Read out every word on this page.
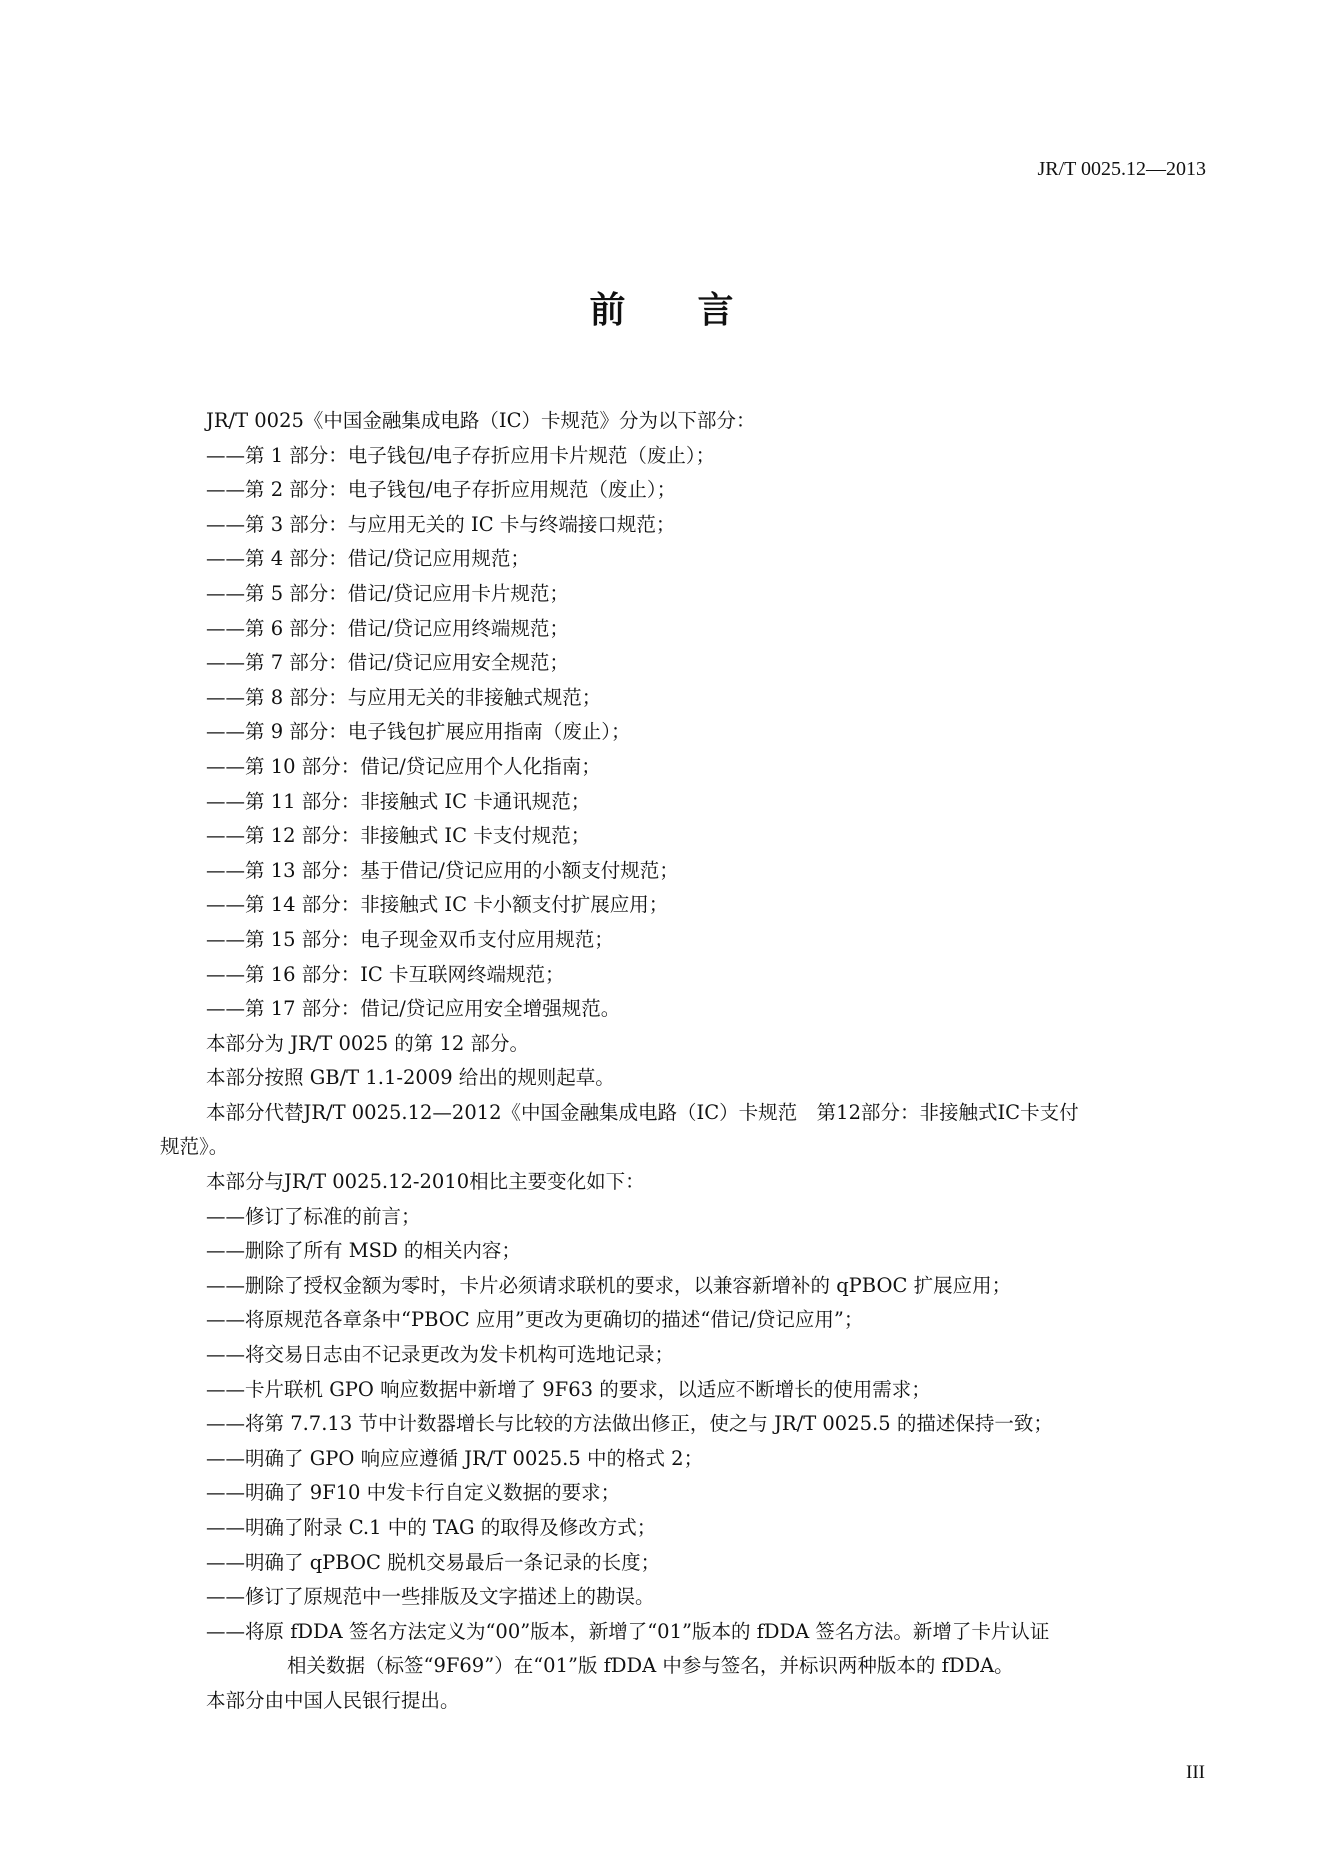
JR/T 0025.12—2013
前　　言
JR/T 0025《中国金融集成电路（IC）卡规范》分为以下部分：
——第 1 部分：电子钱包/电子存折应用卡片规范（废止）；
——第 2 部分：电子钱包/电子存折应用规范（废止）；
——第 3 部分：与应用无关的 IC 卡与终端接口规范；
——第 4 部分：借记/贷记应用规范；
——第 5 部分：借记/贷记应用卡片规范；
——第 6 部分：借记/贷记应用终端规范；
——第 7 部分：借记/贷记应用安全规范；
——第 8 部分：与应用无关的非接触式规范；
——第 9 部分：电子钱包扩展应用指南（废止）；
——第 10 部分：借记/贷记应用个人化指南；
——第 11 部分：非接触式 IC 卡通讯规范；
——第 12 部分：非接触式 IC 卡支付规范；
——第 13 部分：基于借记/贷记应用的小额支付规范；
——第 14 部分：非接触式 IC 卡小额支付扩展应用；
——第 15 部分：电子现金双币支付应用规范；
——第 16 部分：IC 卡互联网终端规范；
——第 17 部分：借记/贷记应用安全增强规范。
本部分为 JR/T 0025 的第 12 部分。
本部分按照 GB/T 1.1-2009 给出的规则起草。
本部分代替JR/T 0025.12—2012《中国金融集成电路（IC）卡规范　第12部分：非接触式IC卡支付
规范》。
本部分与JR/T 0025.12-2010相比主要变化如下：
——修订了标准的前言；
——删除了所有 MSD 的相关内容；
——删除了授权金额为零时，卡片必须请求联机的要求，以兼容新增补的 qPBOC 扩展应用；
——将原规范各章条中“PBOC 应用”更改为更确切的描述“借记/贷记应用”；
——将交易日志由不记录更改为发卡机构可选地记录；
——卡片联机 GPO 响应数据中新增了 9F63 的要求，以适应不断增长的使用需求；
——将第 7.7.13 节中计数器增长与比较的方法做出修正，使之与 JR/T 0025.5 的描述保持一致；
——明确了 GPO 响应应遵循 JR/T 0025.5 中的格式 2；
——明确了 9F10 中发卡行自定义数据的要求；
——明确了附录 C.1 中的 TAG 的取得及修改方式；
——明确了 qPBOC 脱机交易最后一条记录的长度；
——修订了原规范中一些排版及文字描述上的勘误。
——将原 fDDA 签名方法定义为“00”版本，新增了“01”版本的 fDDA 签名方法。新增了卡片认证
相关数据（标签“9F69”）在“01”版 fDDA 中参与签名，并标识两种版本的 fDDA。
本部分由中国人民银行提出。
III
